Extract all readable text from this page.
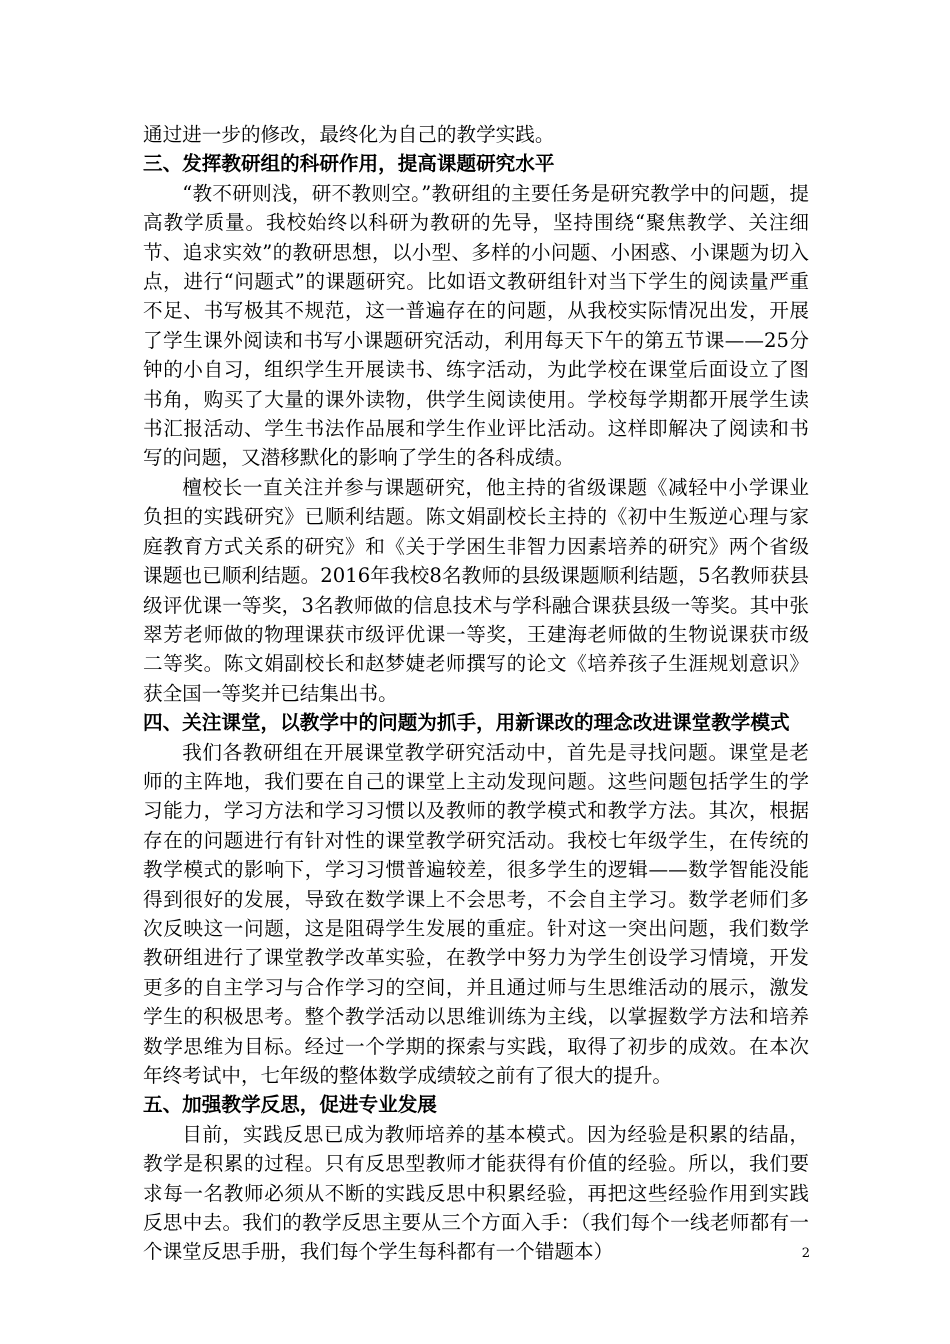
通过进一步的修改，最终化为自己的教学实践。

三、发挥教研组的科研作用，提高课题研究水平

“教不研则浅，研不教则空。”教研组的主要任务是研究教学中的问题，提高教学质量。我校始终以科研为教研的先导，坚持围绕“聚焦教学、关注细节、追求实效”的教研思想，以小型、多样的小问题、小困惑、小课题为切入点，进行“问题式”的课题研究。比如语文教研组针对当下学生的阅读量严重不足、书写极其不规范，这一普遍存在的问题，从我校实际情况出发，开展了学生课外阅读和书写小课题研究活动，利用每天下午的第五节课——25分钟的小自习，组织学生开展读书、练字活动，为此学校在课堂后面设立了图书角，购买了大量的课外读物，供学生阅读使用。学校每学期都开展学生读书汇报活动、学生书法作品展和学生作业评比活动。这样即解决了阅读和书写的问题，又潜移默化的影响了学生的各科成绩。

檀校长一直关注并参与课题研究，他主持的省级课题《减轻中小学课业负担的实践研究》已顺利结题。陈文娟副校长主持的《初中生叛逆心理与家庭教育方式关系的研究》和《关于学困生非智力因素培养的研究》两个省级课题也已顺利结题。2016年我校8名教师的县级课题顺利结题，5名教师获县级评优课一等奖，3名教师做的信息技术与学科融合课获县级一等奖。其中张翠芳老师做的物理课获市级评优课一等奖，王建海老师做的生物说课获市级二等奖。陈文娟副校长和赵梦婕老师撰写的论文《培养孩子生涯规划意识》获全国一等奖并已结集出书。

四、关注课堂，以教学中的问题为抓手，用新课改的理念改进课堂教学模式

我们各教研组在开展课堂教学研究活动中，首先是寻找问题。课堂是老师的主阵地，我们要在自己的课堂上主动发现问题。这些问题包括学生的学习能力，学习方法和学习习惯以及教师的教学模式和教学方法。其次，根据存在的问题进行有针对性的课堂教学研究活动。我校七年级学生，在传统的教学模式的影响下，学习习惯普遍较差，很多学生的逻辑——数学智能没能得到很好的发展，导致在数学课上不会思考，不会自主学习。数学老师们多次反映这一问题，这是阻碍学生发展的重症。针对这一突出问题，我们数学教研组进行了课堂教学改革实验，在教学中努力为学生创设学习情境，开发更多的自主学习与合作学习的空间，并且通过师与生思维活动的展示，激发学生的积极思考。整个教学活动以思维训练为主线，以掌握数学方法和培养数学思维为目标。经过一个学期的探索与实践，取得了初步的成效。在本次年终考试中，七年级的整体数学成绩较之前有了很大的提升。

五、加强教学反思，促进专业发展

目前，实践反思已成为教师培养的基本模式。因为经验是积累的结晶，教学是积累的过程。只有反思型教师才能获得有价值的经验。所以，我们要求每一名教师必须从不断的实践反思中积累经验，再把这些经验作用到实践反思中去。我们的教学反思主要从三个方面入手：（我们每个一线老师都有一个课堂反思手册，我们每个学生每科都有一个错题本）	2
